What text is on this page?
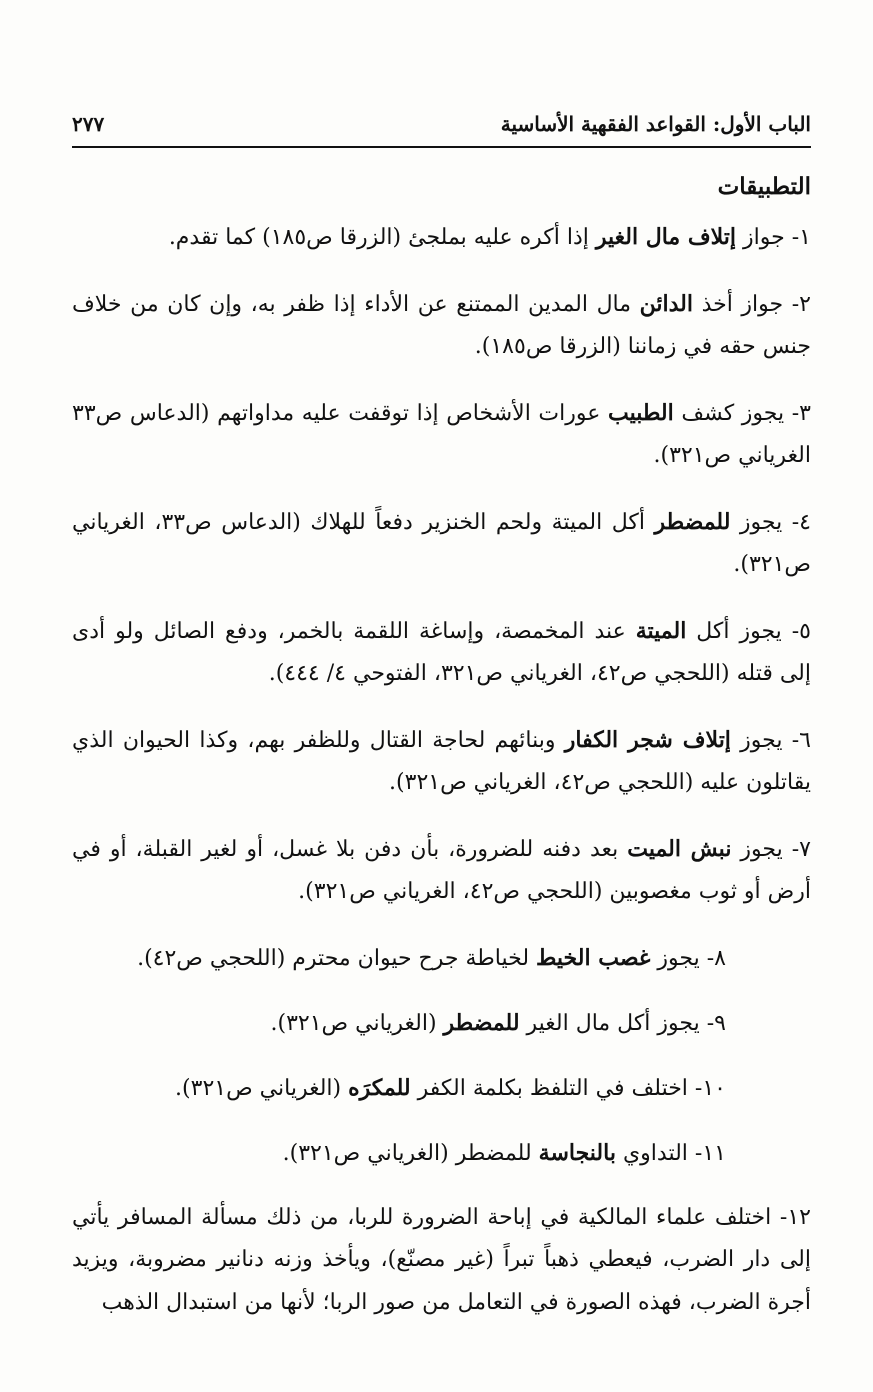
الباب الأول: القواعد الفقهية الأساسية
٢٧٧
التطبيقات

١- جواز إتلاف مال الغير إذا أكره عليه بملجئ (الزرقا ص١٨٥) كما تقدم.

٢- جواز أخذ الدائن مال المدين الممتنع عن الأداء إذا ظفر به، وإن كان من خلاف جنس حقه في زماننا (الزرقا ص١٨٥).

٣- يجوز كشف الطبيب عورات الأشخاص إذا توقفت عليه مداواتهم (الدعاس ص٣٣ الغرياني ص٣٢١).

٤- يجوز للمضطر أكل الميتة ولحم الخنزير دفعاً للهلاك (الدعاس ص٣٣، الغرياني ص٣٢١).

٥- يجوز أكل الميتة عند المخمصة، وإساغة اللقمة بالخمر، ودفع الصائل ولو أدى إلى قتله (اللحجي ص٤٢، الغرياني ص٣٢١، الفتوحي ٤/ ٤٤٤).

٦- يجوز إتلاف شجر الكفار وبنائهم لحاجة القتال وللظفر بهم، وكذا الحيوان الذي يقاتلون عليه (اللحجي ص٤٢، الغرياني ص٣٢١).

٧- يجوز نبش الميت بعد دفنه للضرورة، بأن دفن بلا غسل، أو لغير القبلة، أو في أرض أو ثوب مغصوبين (اللحجي ص٤٢، الغرياني ص٣٢١).

٨- يجوز غصب الخيط لخياطة جرح حيوان محترم (اللحجي ص٤٢).

٩- يجوز أكل مال الغير للمضطر (الغرياني ص٣٢١).

١٠- اختلف في التلفظ بكلمة الكفر للمكرَه (الغرياني ص٣٢١).

١١- التداوي بالنجاسة للمضطر (الغرياني ص٣٢١).

١٢- اختلف علماء المالكية في إباحة الضرورة للربا، من ذلك مسألة المسافر يأتي إلى دار الضرب، فيعطي ذهباً تبراً (غير مصنّع)، ويأخذ وزنه دنانير مضروبة، ويزيد أجرة الضرب، فهذه الصورة في التعامل من صور الربا؛ لأنها من استبدال الذهب
